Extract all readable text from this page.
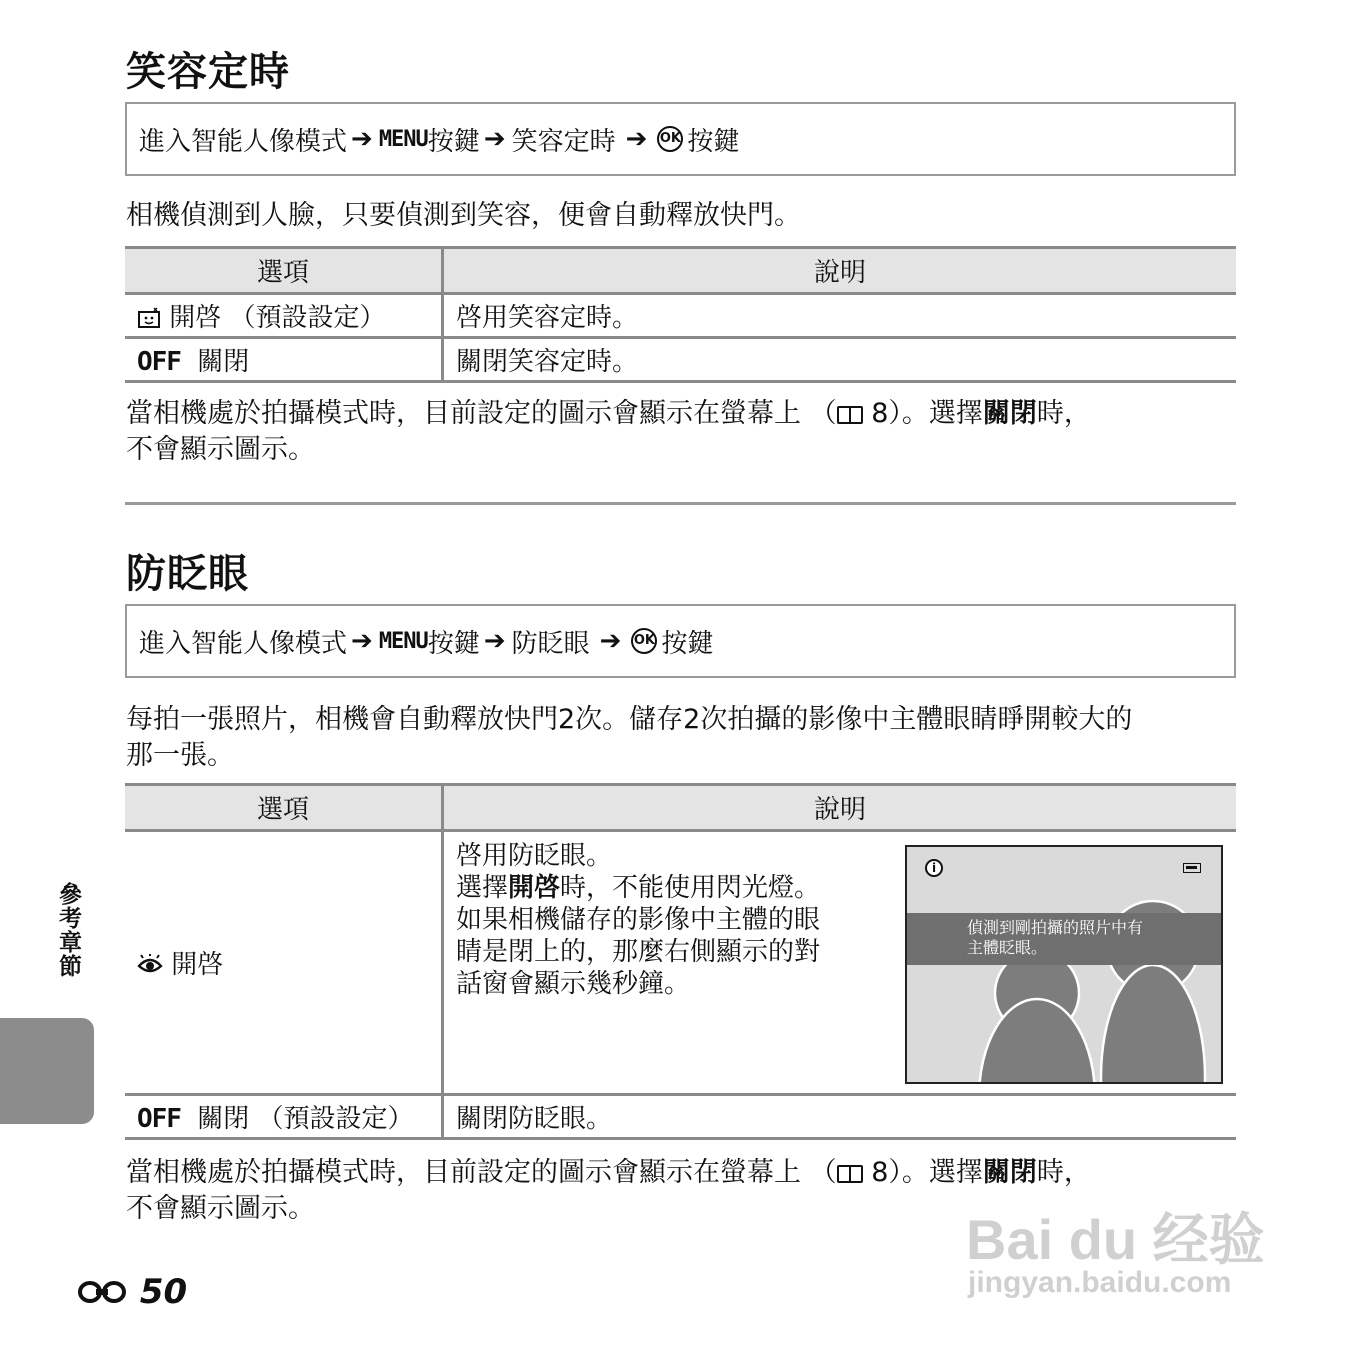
笑容定時
進入智能人像模式 ➔ MENU 按鍵 ➔ 笑容定時 ➔ OK 按鍵
相機偵測到人臉，只要偵測到笑容，便會自動釋放快門。
選項	說明
開啓 （預設設定）	啓用笑容定時。
OFF 關閉	關閉笑容定時。
當相機處於拍攝模式時，目前設定的圖示會顯示在螢幕上 （ 8）。選擇關閉時，
不會顯示圖示。
防眨眼
進入智能人像模式 ➔ MENU 按鍵 ➔ 防眨眼 ➔ OK 按鍵
每拍一張照片，相機會自動釋放快門2次。儲存2次拍攝的影像中主體眼睛睜開較大的
那一張。
選項	說明
開啓	啓用防眨眼。
選擇開啓時，不能使用閃光燈。
如果相機儲存的影像中主體的眼
睛是閉上的，那麼右側顯示的對
話窗會顯示幾秒鐘。

OFF 關閉 （預設設定）	關閉防眨眼。
i
偵測到剛拍攝的照片中有
主體眨眼。
當相機處於拍攝模式時，目前設定的圖示會顯示在螢幕上 （ 8）。選擇關閉時，
不會顯示圖示。
參考章節
50
Bai du 经验
jingyan.baidu.com
